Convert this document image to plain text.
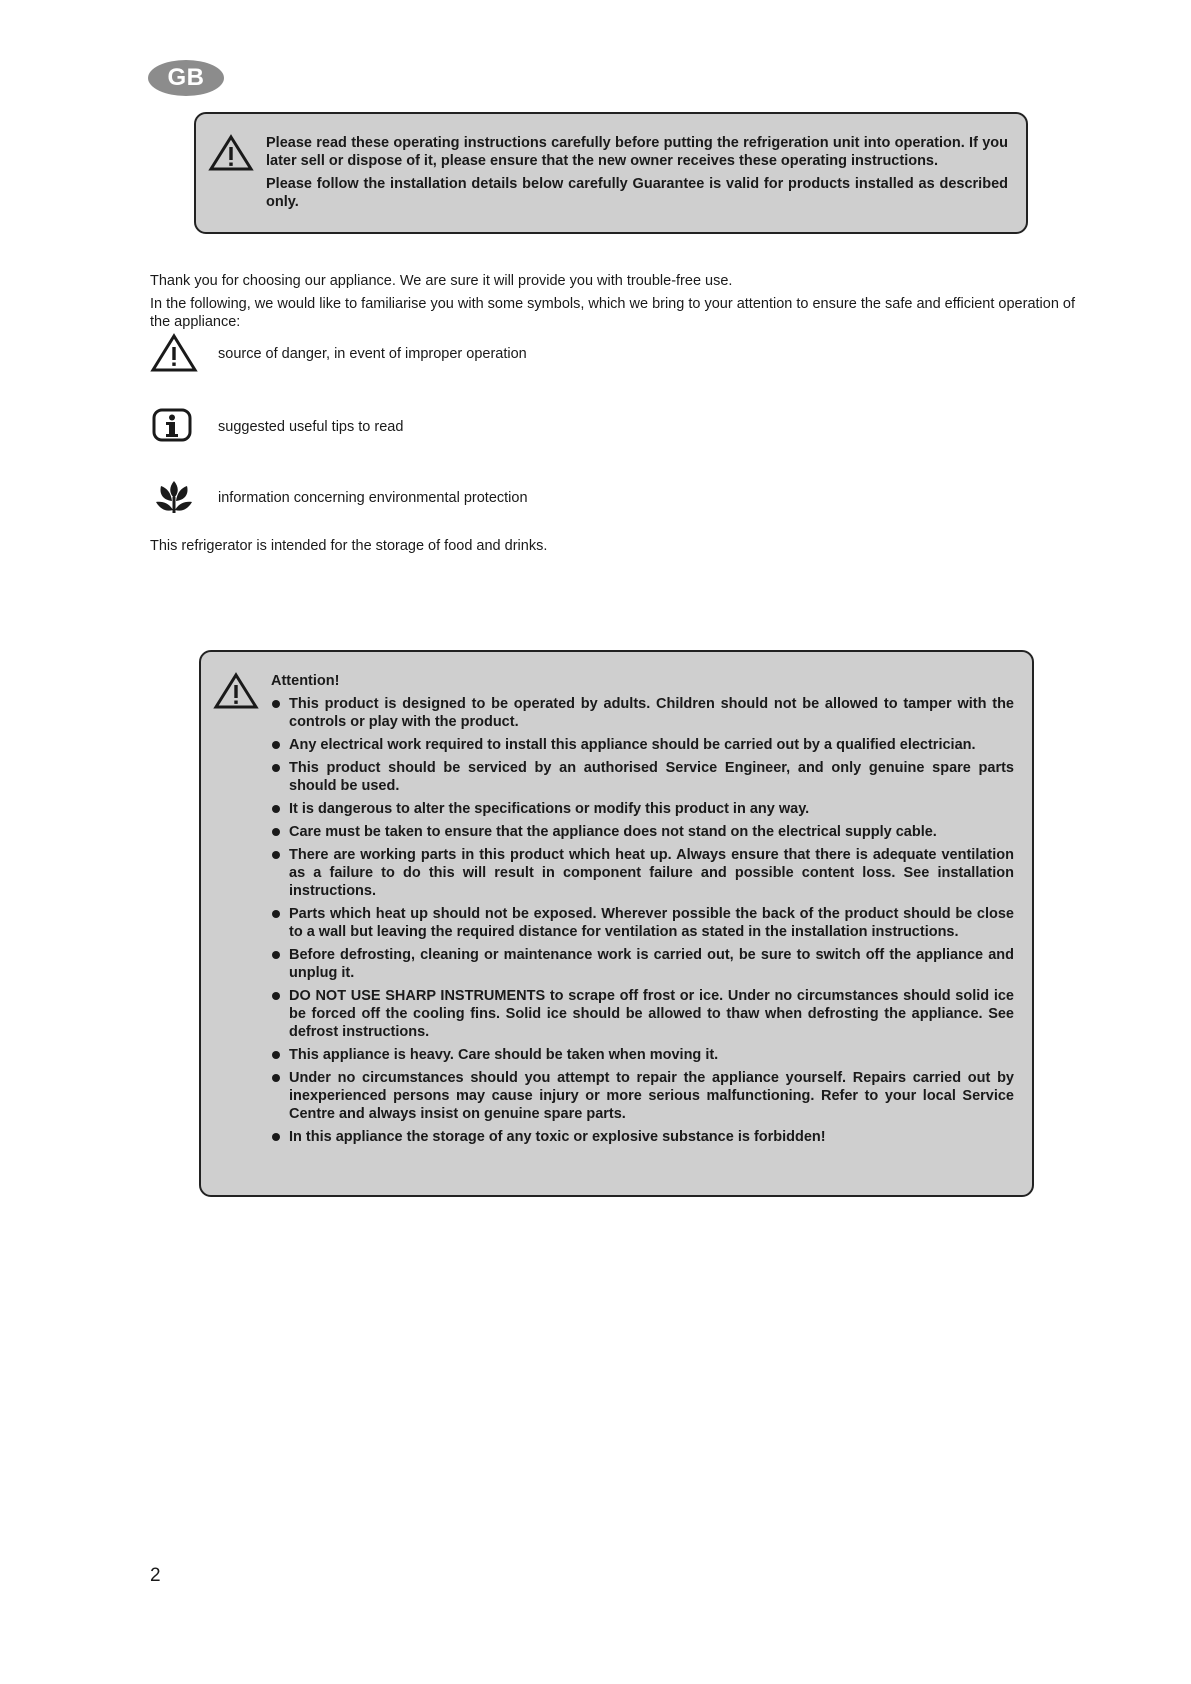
GB

Please read these operating instructions carefully before putting the refrigeration unit into operation. If you later sell or dispose of it, please ensure that the new owner receives these operating instructions.

Please follow the installation details below carefully Guarantee is valid for products installed as described only.

Thank you for choosing our appliance. We are sure it will provide you with trouble-free use.
In the following, we would like to familiarise you with some symbols, which we bring to your attention to ensure the safe and efficient operation of the appliance:
source of danger, in event of improper operation
suggested useful tips to read
information concerning environmental protection
This refrigerator is intended for the storage of food and drinks.
Attention!
This product is designed to be operated by adults. Children should not be allowed to tamper with the controls or play with the product.
Any electrical work required to install this appliance should be carried out by a qualified electrician.
This product should be serviced by an authorised Service Engineer, and only genuine spare parts should be used.
It is dangerous to alter the specifications or modify this product in any way.
Care must be taken to ensure that the appliance does not stand on the electrical supply cable.
There are working parts in this product which heat up. Always ensure that there is adequate ventilation as a failure to do this will result in component failure and possible content loss. See installation instructions.
Parts which heat up should not be exposed. Wherever possible the back of the product should be close to a wall but leaving the required distance for ventilation as stated in the installation instructions.
Before defrosting, cleaning or maintenance work is carried out, be sure to switch off the appliance and unplug it.
DO NOT USE SHARP INSTRUMENTS to scrape off frost or ice. Under no circumstances should solid ice be forced off the cooling fins. Solid ice should be allowed to thaw when defrosting the appliance. See defrost instructions.
This appliance is heavy. Care should be taken when moving it.
Under no circumstances should you attempt to repair the appliance yourself. Repairs carried out by inexperienced persons may cause injury or more serious malfunctioning. Refer to your local Service Centre and always insist on genuine spare parts.
In this appliance the storage of any toxic or explosive substance is forbidden!
2
